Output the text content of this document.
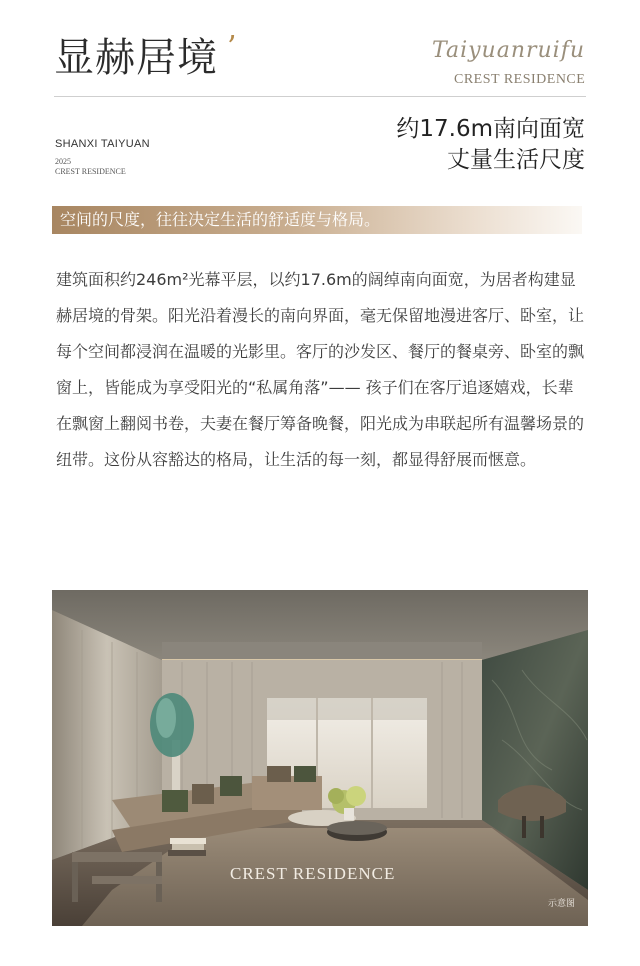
显赫居境 ’	Taiyuanruifu
CREST RESIDENCE
SHANXI TAIYUAN
2025
CREST RESIDENCE
约17.6m南向面宽
丈量生活尺度
空间的尺度，往往决定生活的舒适度与格局。
建筑面积约246m²光幕平层，以约17.6m的阔绰南向面宽，为居者构建显赫居境的骨架。阳光沿着漫长的南向界面，毫无保留地漫进客厅、卧室，让每个空间都浸润在温暖的光影里。客厅的沙发区、餐厅的餐桌旁、卧室的飘窗上，皆能成为享受阳光的“私属角落”—— 孩子们在客厅追逐嬉戏，长辈在飘窗上翻阅书卷，夫妻在餐厅筹备晚餐，阳光成为串联起所有温馨场景的纽带。这份从容豁达的格局，让生活的每一刻，都显得舒展而惬意。
CREST RESIDENCE
示意图
